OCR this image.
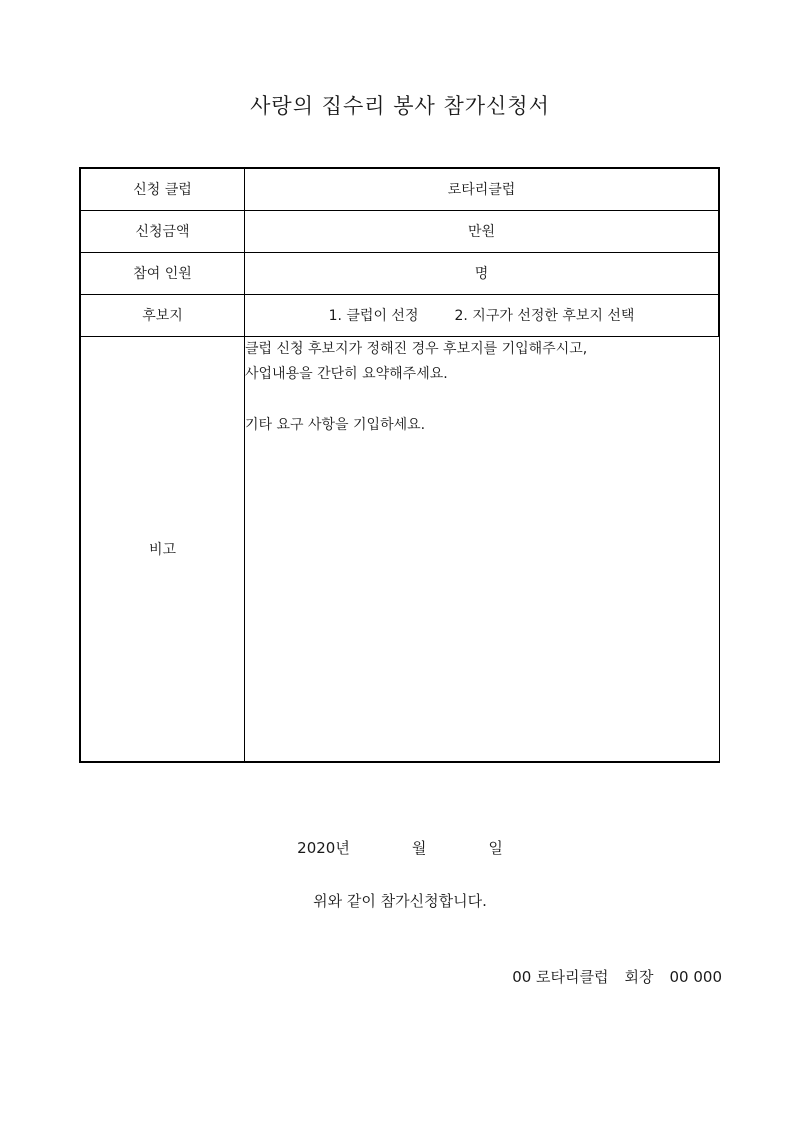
사랑의 집수리 봉사 참가신청서
신청 클럽	로타리클럽
신청금액	만원
참여 인원	명
후보지	1. 클럽이 선정 2. 지구가 선정한 후보지 선택
비고	클럽 신청 후보지가 정해진 경우 후보지를 기입해주시고,

사업내용을 간단히 요약해주세요.

기타 요구 사항을 기입하세요.

2020년	월	일
위와 같이 참가신청합니다.
00 로타리클럽 회장 00 000
